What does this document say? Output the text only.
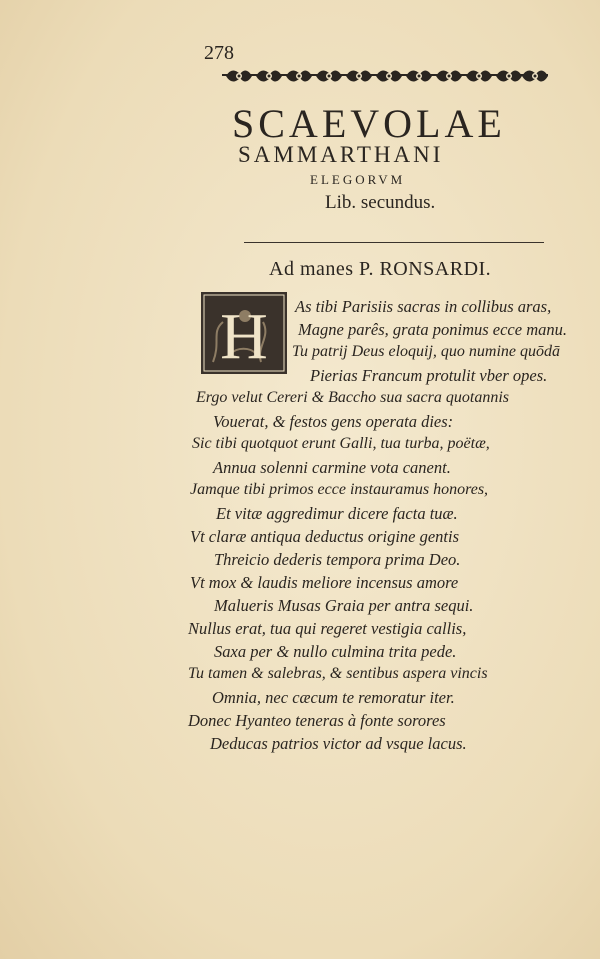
278
SCAEVOLAE
SAMMARTHANI
ELEGORVM
Lib. secundus.
Ad manes P. RONSARDI.
H As tibi Parisiis sacras in collibus aras,
Magne parês, grata ponimus ecce manu.
Tu patrij Deus eloquij, quo numine quōdā
Pierias Francum protulit vber opes.
Ergo velut Cereri & Baccho sua sacra quotannis
Vouerat, & festos gens operata dies:
Sic tibi quotquot erunt Galli, tua turba, poëtæ,
Annua solenni carmine vota canent.
Jamque tibi primos ecce instauramus honores,
Et vitæ aggredimur dicere facta tuæ.
Vt claræ antiqua deductus origine gentis
Threicio dederis tempora prima Deo.
Vt mox & laudis meliore incensus amore
Malueris Musas Graia per antra sequi.
Nullus erat, tua qui regeret vestigia callis,
Saxa per & nullo culmina trita pede.
Tu tamen & salebras, & sentibus aspera vincis
Omnia, nec cæcum te remoratur iter.
Donec Hyanteo teneras à fonte sorores
Deducas patrios victor ad vsque lacus.
